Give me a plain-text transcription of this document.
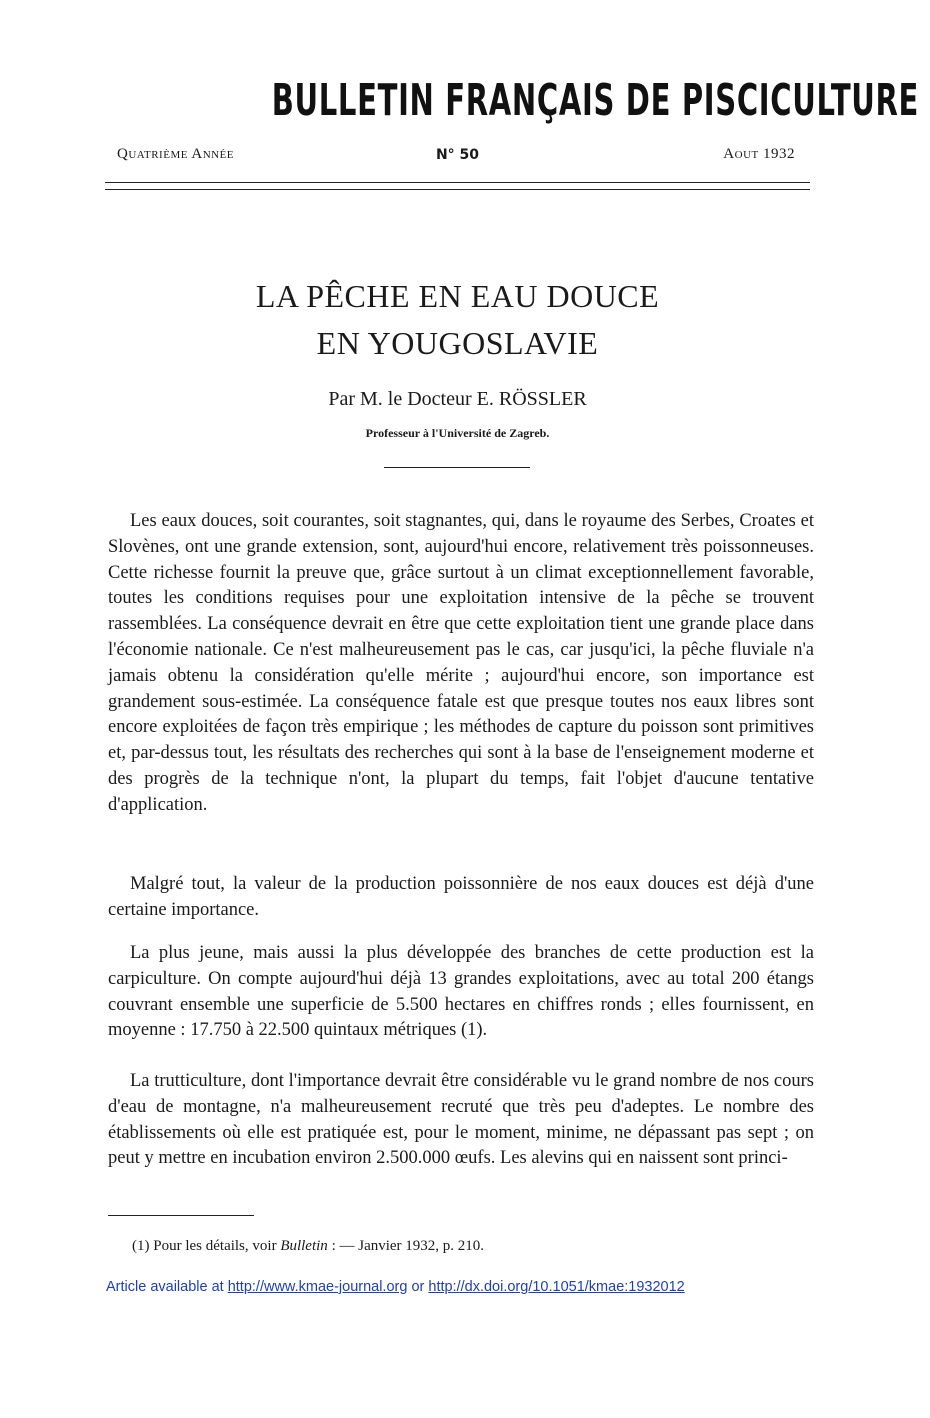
BULLETIN FRANÇAIS DE PISCICULTURE
Quatrième Année	N° 50	Aout 1932
LA PÊCHE EN EAU DOUCE
EN YOUGOSLAVIE
Par M. le Docteur E. RÖSSLER
Professeur à l'Université de Zagreb.

Les eaux douces, soit courantes, soit stagnantes, qui, dans le royaume des Serbes, Croates et Slovènes, ont une grande extension, sont, aujourd'hui encore, relativement très poissonneuses. Cette richesse fournit la preuve que, grâce surtout à un climat exceptionnellement favorable, toutes les conditions requises pour une exploitation intensive de la pêche se trouvent rassemblées. La conséquence devrait en être que cette exploitation tient une grande place dans l'économie nationale. Ce n'est malheureusement pas le cas, car jusqu'ici, la pêche fluviale n'a jamais obtenu la considération qu'elle mérite ; aujourd'hui encore, son importance est grandement sous-estimée. La conséquence fatale est que presque toutes nos eaux libres sont encore exploitées de façon très empirique ; les méthodes de capture du poisson sont primitives et, par-dessus tout, les résultats des recherches qui sont à la base de l'enseignement moderne et des progrès de la technique n'ont, la plupart du temps, fait l'objet d'aucune tentative d'application.

Malgré tout, la valeur de la production poissonnière de nos eaux douces est déjà d'une certaine importance.

La plus jeune, mais aussi la plus développée des branches de cette production est la carpiculture. On compte aujourd'hui déjà 13 grandes exploitations, avec au total 200 étangs couvrant ensemble une superficie de 5.500 hectares en chiffres ronds ; elles fournissent, en moyenne : 17.750 à 22.500 quintaux métriques (1).

La trutticulture, dont l'importance devrait être considérable vu le grand nombre de nos cours d'eau de montagne, n'a malheureusement recruté que très peu d'adeptes. Le nombre des établissements où elle est pratiquée est, pour le moment, minime, ne dépassant pas sept ; on peut y mettre en incubation environ 2.500.000 œufs. Les alevins qui en naissent sont princi-

(1) Pour les détails, voir Bulletin : — Janvier 1932, p. 210.
Article available at http://www.kmae-journal.org or http://dx.doi.org/10.1051/kmae:1932012
